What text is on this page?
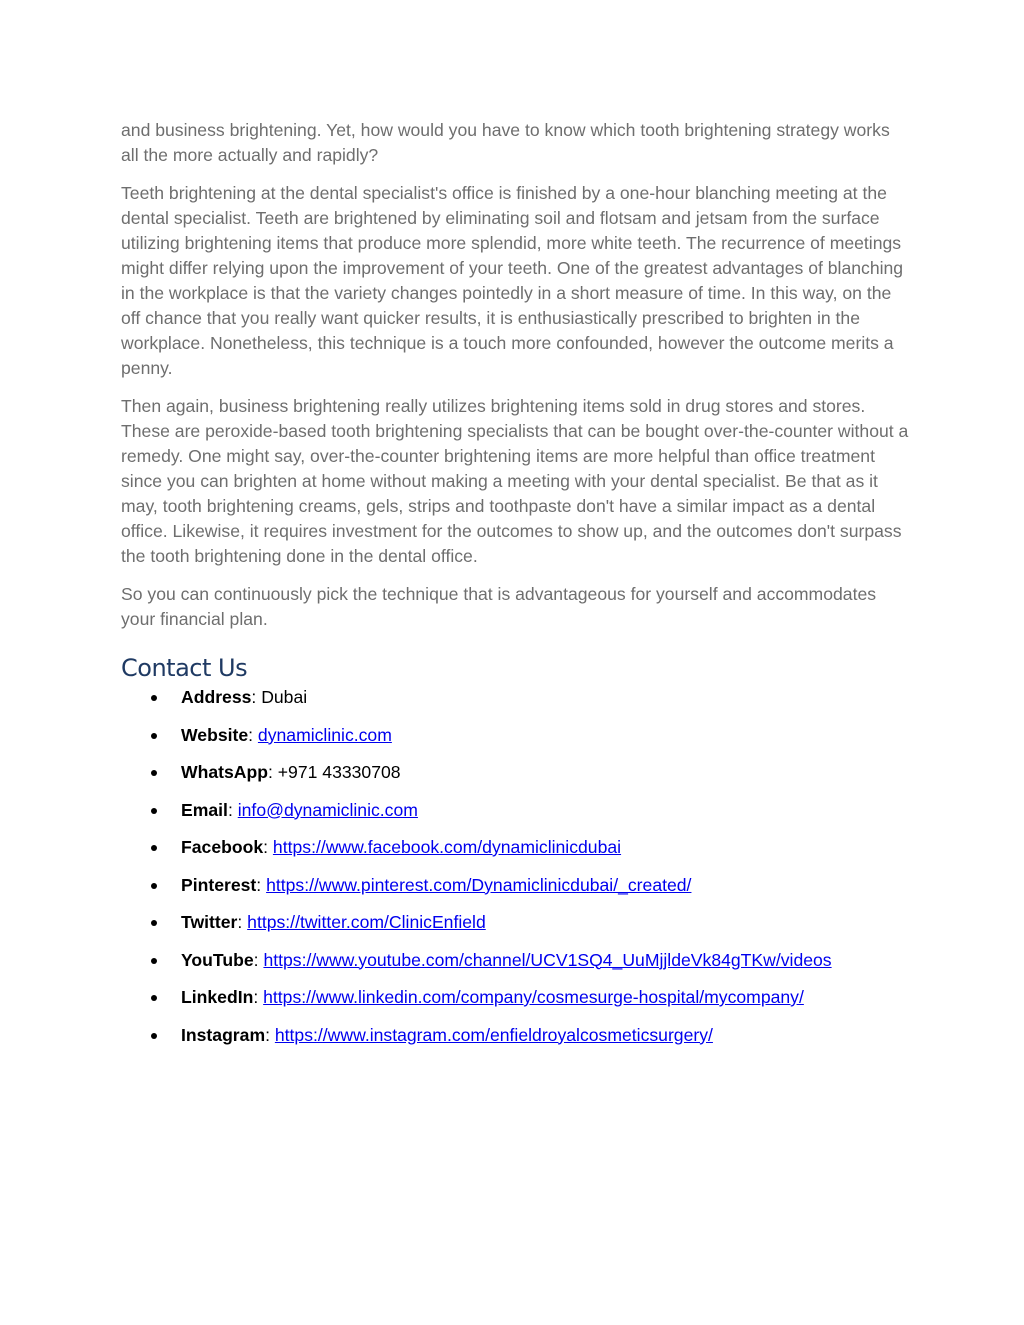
and business brightening. Yet, how would you have to know which tooth brightening strategy works all the more actually and rapidly?

Teeth brightening at the dental specialist's office is finished by a one-hour blanching meeting at the dental specialist. Teeth are brightened by eliminating soil and flotsam and jetsam from the surface utilizing brightening items that produce more splendid, more white teeth. The recurrence of meetings might differ relying upon the improvement of your teeth. One of the greatest advantages of blanching in the workplace is that the variety changes pointedly in a short measure of time. In this way, on the off chance that you really want quicker results, it is enthusiastically prescribed to brighten in the workplace. Nonetheless, this technique is a touch more confounded, however the outcome merits a penny.

Then again, business brightening really utilizes brightening items sold in drug stores and stores. These are peroxide-based tooth brightening specialists that can be bought over-the-counter without a remedy. One might say, over-the-counter brightening items are more helpful than office treatment since you can brighten at home without making a meeting with your dental specialist. Be that as it may, tooth brightening creams, gels, strips and toothpaste don't have a similar impact as a dental office. Likewise, it requires investment for the outcomes to show up, and the outcomes don't surpass the tooth brightening done in the dental office.

So you can continuously pick the technique that is advantageous for yourself and accommodates your financial plan.

Contact Us
Address: Dubai
Website: dynamiclinic.com
WhatsApp: +971 43330708
Email: info@dynamiclinic.com
Facebook: https://www.facebook.com/dynamiclinicdubai
Pinterest: https://www.pinterest.com/Dynamiclinicdubai/_created/
Twitter: https://twitter.com/ClinicEnfield
YouTube: https://www.youtube.com/channel/UCV1SQ4_UuMjjldeVk84gTKw/videos
LinkedIn: https://www.linkedin.com/company/cosmesurge-hospital/mycompany/
Instagram: https://www.instagram.com/enfieldroyalcosmeticsurgery/
